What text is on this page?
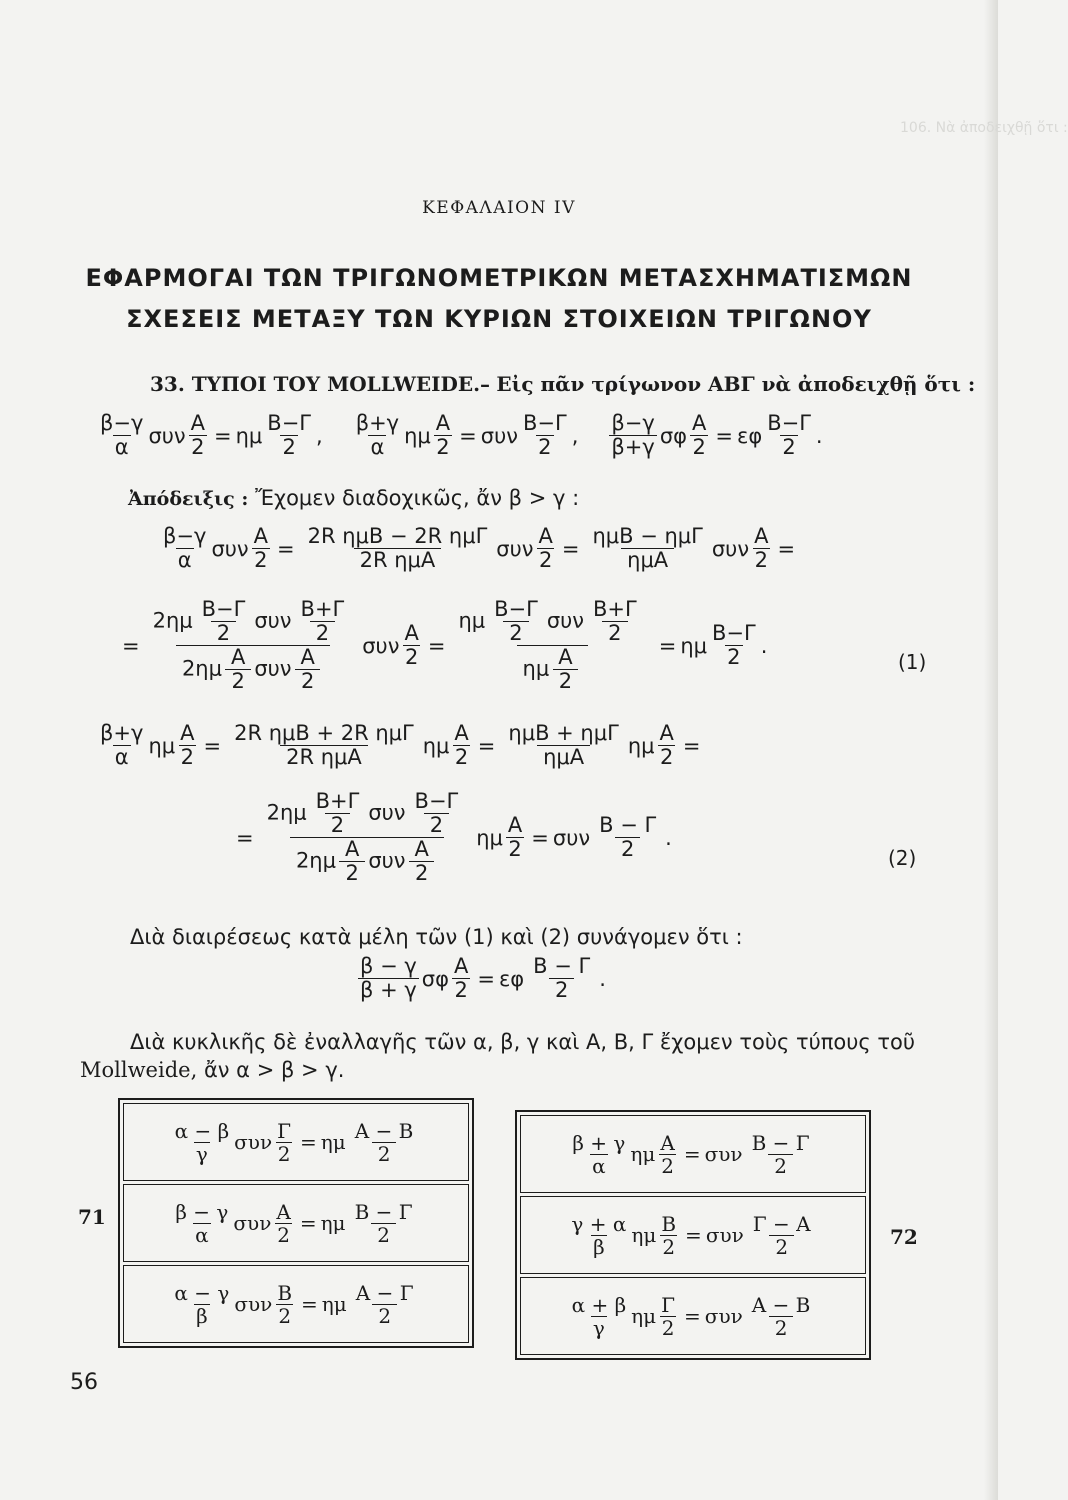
106. Νὰ ἀποδειχθῇ ὅτι :
ΚΕΦΑΛΑΙΟΝ IV
ΕΦΑΡΜΟΓΑΙ ΤΩΝ ΤΡΙΓΩΝΟΜΕΤΡΙΚΩΝ ΜΕΤΑΣΧΗΜΑΤΙΣΜΩΝ
ΣΧΕΣΕΙΣ ΜΕΤΑΞΥ ΤΩΝ ΚΥΡΙΩΝ ΣΤΟΙΧΕΙΩΝ ΤΡΙΓΩΝΟΥ
33. ΤΥΠΟΙ ΤΟΥ MOLLWEIDE.– Εἰς πᾶν τρίγωνον ΑΒΓ νὰ ἀποδειχθῇ ὅτι :
$\frac{\beta-\gamma}{\alpha}$ συν $\frac{A}{2} = \eta\mu \frac{B-\Gamma}{2}$ , $\frac{\beta+\gamma}{\alpha}$ ημ $\frac{A}{2} = \sigma\upsilon\nu \frac{B-\Gamma}{2}$ , $\frac{\beta-\gamma}{\beta+\gamma}$ σφ $\frac{A}{2} = \varepsilon\varphi \frac{B-\Gamma}{2}$ .
Ἀπόδειξις : Ἔχομεν διαδοχικῶς, ἄν β > γ :
$\frac{\beta-\gamma}{\alpha}$ συν $\frac{A}{2} = \frac{\text{2R ημB − 2R ημΓ}}{\text{2R ημA}}$ συν $\frac{A}{2} = \frac{\text{ημB − ημΓ}}{\text{ημA}}$ συν $\frac{A}{2}$ =
= $\frac{2\eta\mu \frac{B-\Gamma}{2} \sigma\upsilon\nu \frac{B+\Gamma}{2}}{2\eta\mu \frac{A}{2} \sigma\upsilon\nu \frac{A}{2}}$ συν $\frac{A}{2} = \frac{\eta\mu \frac{B-\Gamma}{2} \sigma\upsilon\nu \frac{B+\Gamma}{2}}{\eta\mu \frac{A}{2}} = \eta\mu \frac{B-\Gamma}{2}$ .
(1)
$\frac{\beta+\gamma}{\alpha}$ ημ $\frac{A}{2} = \frac{\text{2R ημB + 2R ημΓ}}{\text{2R ημA}}$ ημ $\frac{A}{2} = \frac{\text{ημB + ημΓ}}{\text{ημA}}$ ημ $\frac{A}{2}$ =
= $\frac{2\eta\mu \frac{B+\Gamma}{2} \sigma\upsilon\nu \frac{B-\Gamma}{2}}{2\eta\mu \frac{A}{2} \sigma\upsilon\nu \frac{A}{2}}$ ημ $\frac{A}{2} = \sigma\upsilon\nu \frac{B - \Gamma}{2}$ .
(2)
Διὰ διαιρέσεως κατὰ μέλη τῶν (1) καὶ (2) συνάγομεν ὅτι :
$\frac{\beta - \gamma}{\beta + \gamma}$ σφ $\frac{A}{2} = \varepsilon\varphi \frac{B - \Gamma}{2}$ .
Διὰ κυκλικῆς δὲ ἐναλλαγῆς τῶν α, β, γ καὶ Α, Β, Γ ἔχομεν τοὺς τύπους τοῦ
Mollweide, ἄν α > β > γ.
71
$\frac{\alpha - \beta}{\gamma}$ συν $\frac{\Gamma}{2} = \eta\mu \frac{A - B}{2}$
$\frac{\beta - \gamma}{\alpha}$ συν $\frac{A}{2} = \eta\mu \frac{B - \Gamma}{2}$
$\frac{\alpha - \gamma}{\beta}$ συν $\frac{B}{2} = \eta\mu \frac{A - \Gamma}{2}$
$\frac{\beta + \gamma}{\alpha}$ ημ $\frac{A}{2} = \sigma\upsilon\nu \frac{B - \Gamma}{2}$
$\frac{\gamma + \alpha}{\beta}$ ημ $\frac{B}{2} = \sigma\upsilon\nu \frac{\Gamma - A}{2}$
$\frac{\alpha + \beta}{\gamma}$ ημ $\frac{\Gamma}{2} = \sigma\upsilon\nu \frac{A - B}{2}$
72
56
